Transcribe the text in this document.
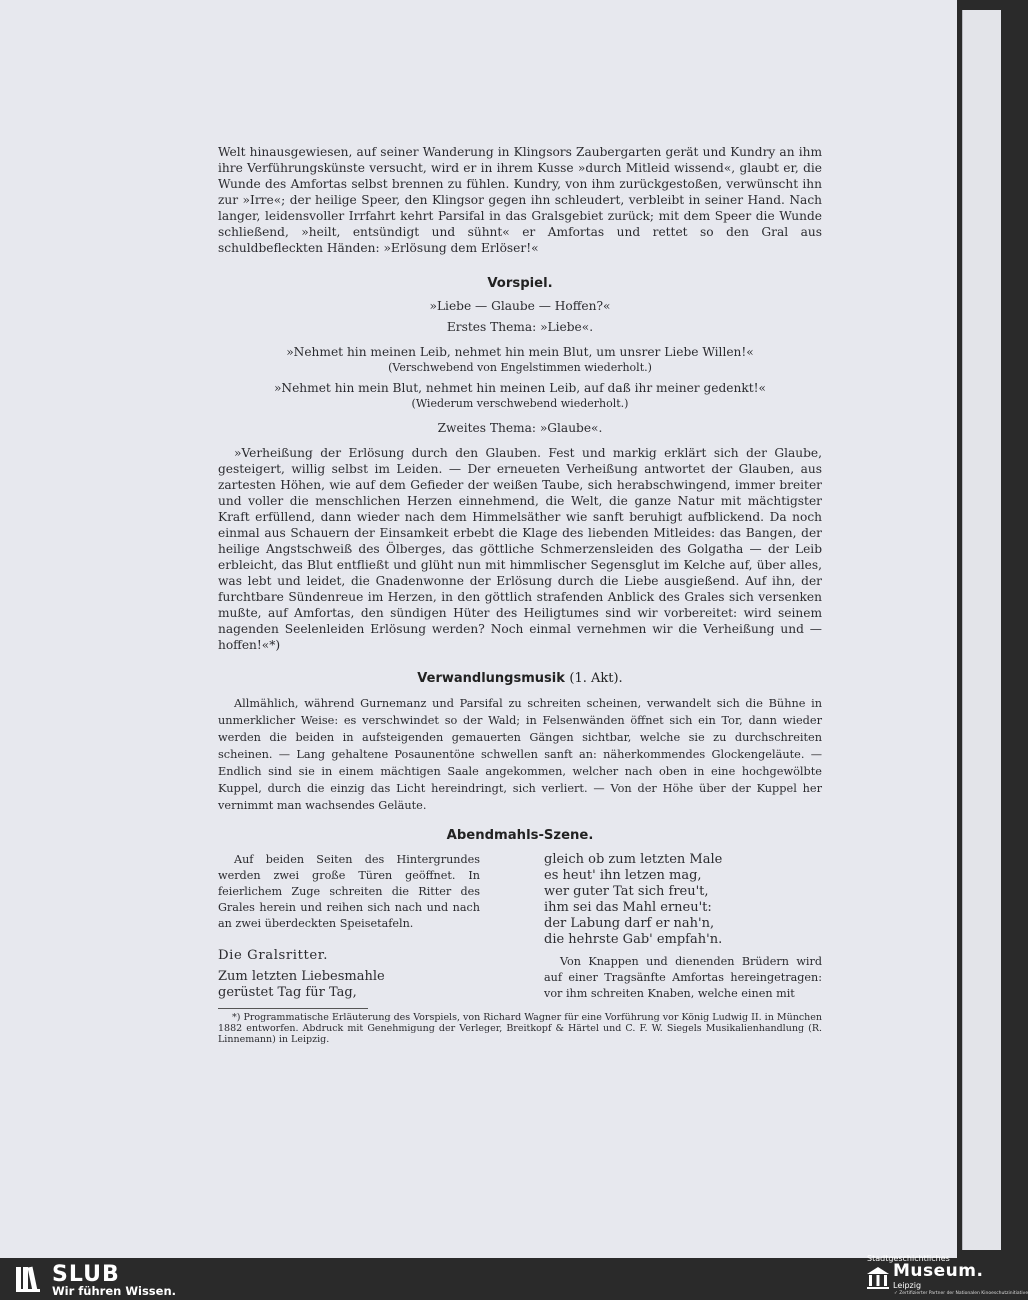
Welt hinausgewiesen, auf seiner Wanderung in Klingsors Zaubergarten gerät und Kundry an ihm ihre Verführungskünste versucht, wird er in ihrem Kusse »durch Mitleid wissend«, glaubt er, die Wunde des Amfortas selbst brennen zu fühlen. Kundry, von ihm zurückgestoßen, verwünscht ihn zur »Irre«; der heilige Speer, den Klingsor gegen ihn schleudert, verbleibt in seiner Hand. Nach langer, leidensvoller Irrfahrt kehrt Parsifal in das Gralsgebiet zurück; mit dem Speer die Wunde schließend, »heilt, entsündigt und sühnt« er Amfortas und rettet so den Gral aus schuldbefleckten Händen: »Erlösung dem Erlöser!«

Vorspiel.

»Liebe — Glaube — Hoffen?«

Erstes Thema: »Liebe«.

»Nehmet hin meinen Leib, nehmet hin mein Blut, um unsrer Liebe Willen!«

(Verschwebend von Engelstimmen wiederholt.)

»Nehmet hin mein Blut, nehmet hin meinen Leib, auf daß ihr meiner gedenkt!«

(Wiederum verschwebend wiederholt.)

Zweites Thema: »Glaube«.

»Verheißung der Erlösung durch den Glauben. Fest und markig erklärt sich der Glaube, gesteigert, willig selbst im Leiden. — Der erneueten Verheißung antwortet der Glauben, aus zartesten Höhen, wie auf dem Gefieder der weißen Taube, sich herabschwingend, immer breiter und voller die menschlichen Herzen einnehmend, die Welt, die ganze Natur mit mächtigster Kraft erfüllend, dann wieder nach dem Himmelsäther wie sanft beruhigt aufblickend. Da noch einmal aus Schauern der Einsamkeit erbebt die Klage des liebenden Mitleides: das Bangen, der heilige Angstschweiß des Ölberges, das göttliche Schmerzensleiden des Golgatha — der Leib erbleicht, das Blut entfließt und glüht nun mit himmlischer Segensglut im Kelche auf, über alles, was lebt und leidet, die Gnadenwonne der Erlösung durch die Liebe ausgießend. Auf ihn, der furchtbare Sündenreue im Herzen, in den göttlich strafenden Anblick des Grales sich versenken mußte, auf Amfortas, den sündigen Hüter des Heiligtumes sind wir vorbereitet: wird seinem nagenden Seelenleiden Erlösung werden? Noch einmal vernehmen wir die Verheißung und — hoffen!«*)

Verwandlungsmusik (1. Akt).

Allmählich, während Gurnemanz und Parsifal zu schreiten scheinen, verwandelt sich die Bühne in unmerklicher Weise: es verschwindet so der Wald; in Felsenwänden öffnet sich ein Tor, dann wieder werden die beiden in aufsteigenden gemauerten Gängen sichtbar, welche sie zu durchschreiten scheinen. — Lang gehaltene Posaunentöne schwellen sanft an: näherkommendes Glockengeläute. — Endlich sind sie in einem mächtigen Saale angekommen, welcher nach oben in eine hochgewölbte Kuppel, durch die einzig das Licht hereindringt, sich verliert. — Von der Höhe über der Kuppel her vernimmt man wachsendes Geläute.

Abendmahls-Szene.

Auf beiden Seiten des Hintergrundes werden zwei große Türen geöffnet. In feierlichem Zuge schreiten die Ritter des Grales herein und reihen sich nach und nach an zwei überdeckten Speisetafeln.

Die Gralsritter.

Zum letzten Liebesmahle

gerüstet Tag für Tag,

gleich ob zum letzten Male

es heut' ihn letzen mag,

wer guter Tat sich freu't,

ihm sei das Mahl erneu't:

der Labung darf er nah'n,

die hehrste Gab' empfah'n.

Von Knappen und dienenden Brüdern wird auf einer Tragsänfte Amfortas hereingetragen: vor ihm schreiten Knaben, welche einen mit

*) Programmatische Erläuterung des Vorspiels, von Richard Wagner für eine Vorführung vor König Ludwig II. in München 1882 entworfen. Abdruck mit Genehmigung der Verleger, Breitkopf & Härtel und C. F. W. Siegels Musikalienhandlung (R. Linnemann) in Leipzig.

SLUB
Wir führen Wissen.
Stadtgeschichtliches
Museum.
Leipzig
✓ Zertifizierter Partner der Nationalen Kinoeschutzinitiative
